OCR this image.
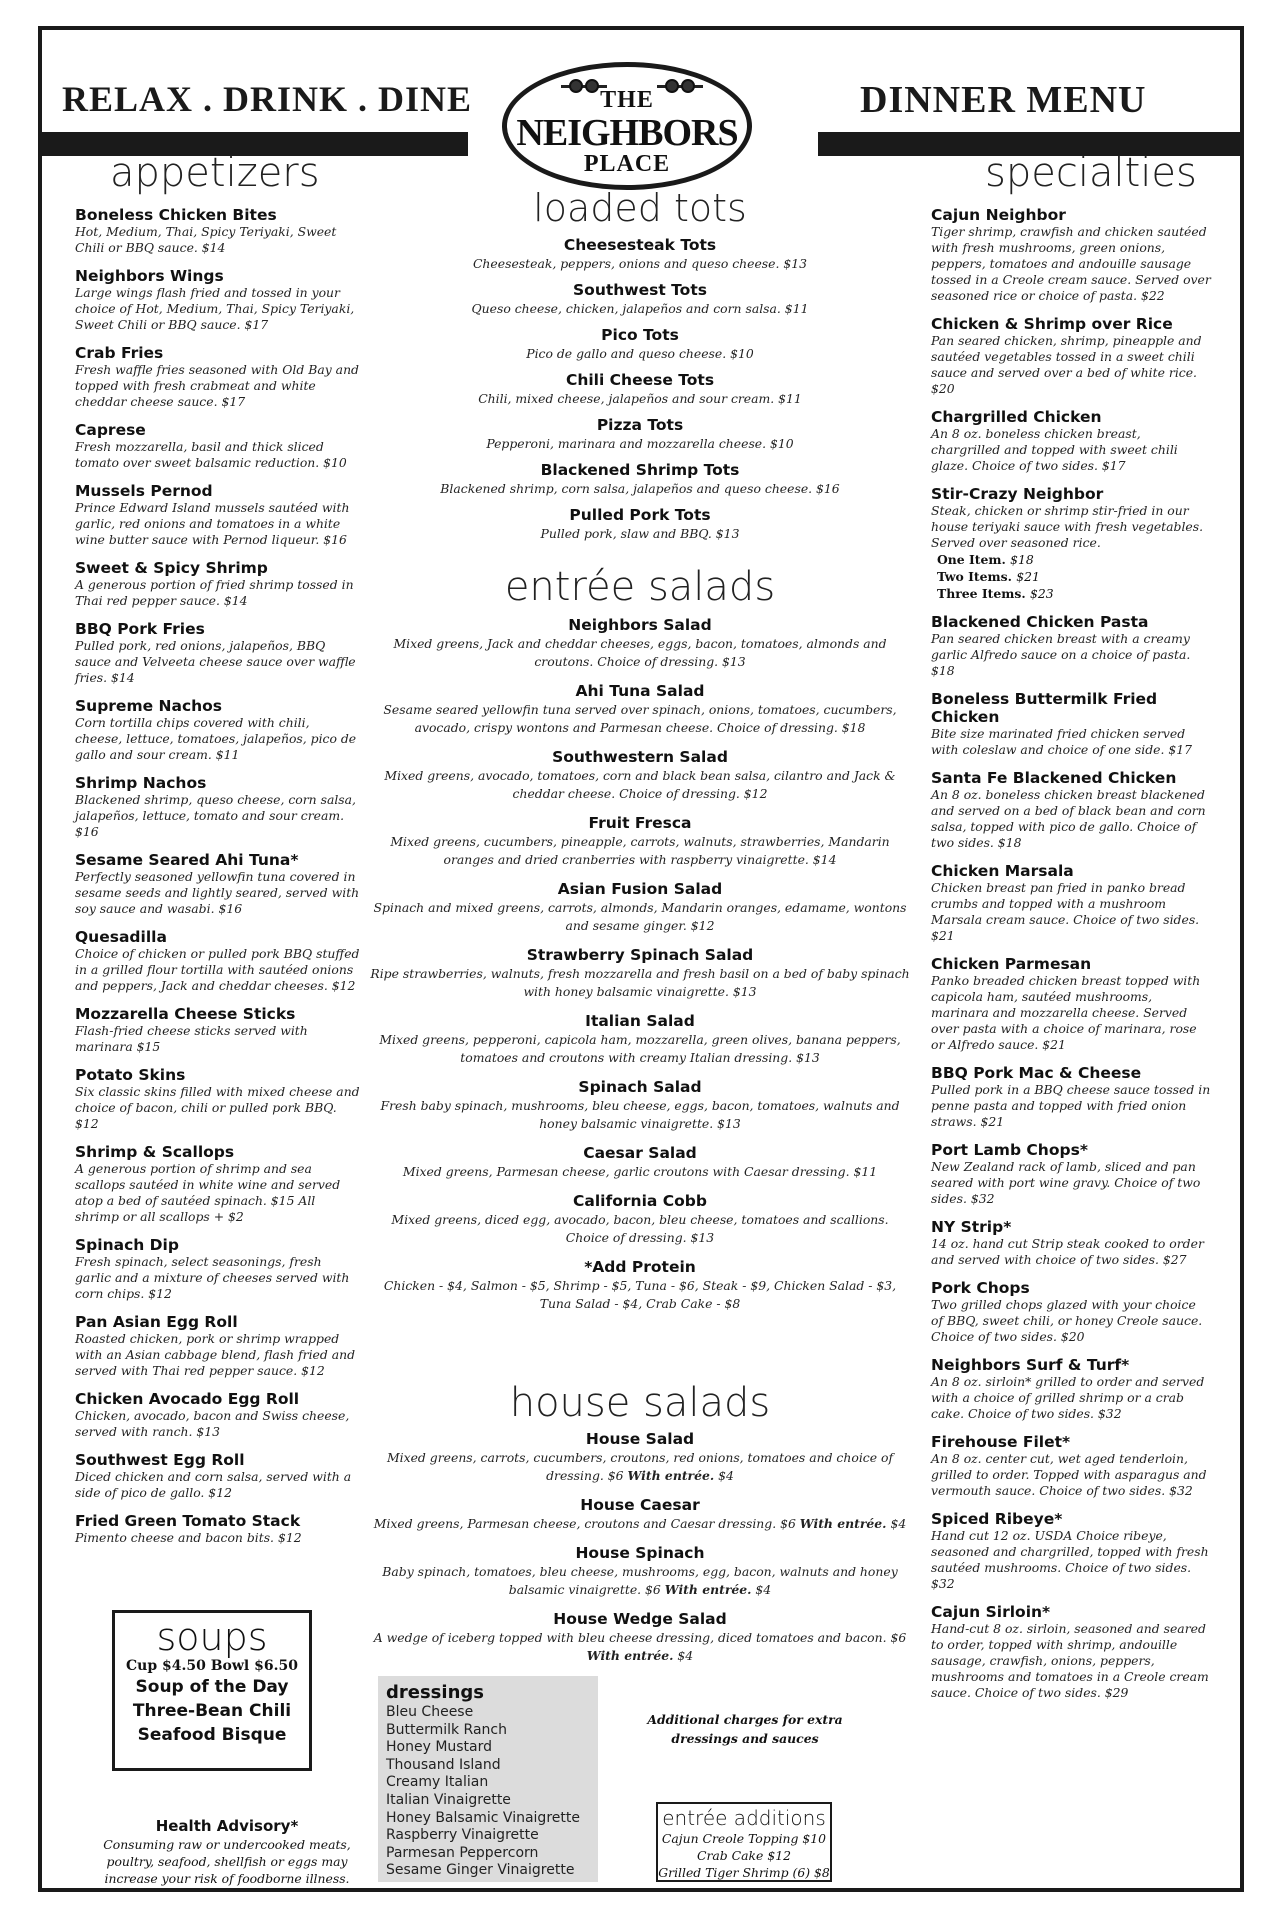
RELAX . DRINK . DINE	DINNER MENU
THE
NEIGHBORS
PLACE
appetizers
Boneless Chicken Bites

Hot, Medium, Thai, Spicy Teriyaki, Sweet Chili or BBQ sauce. $14

Neighbors Wings

Large wings flash fried and tossed in your choice of Hot, Medium, Thai, Spicy Teriyaki, Sweet Chili or BBQ sauce. $17

Crab Fries

Fresh waffle fries seasoned with Old Bay and topped with fresh crabmeat and white cheddar cheese sauce. $17

Caprese

Fresh mozzarella, basil and thick sliced tomato over sweet balsamic reduction. $10

Mussels Pernod

Prince Edward Island mussels sautéed with garlic, red onions and tomatoes in a white wine butter sauce with Pernod liqueur. $16

Sweet & Spicy Shrimp

A generous portion of fried shrimp tossed in Thai red pepper sauce. $14

BBQ Pork Fries

Pulled pork, red onions, jalapeños, BBQ sauce and Velveeta cheese sauce over waffle fries. $14

Supreme Nachos

Corn tortilla chips covered with chili, cheese, lettuce, tomatoes, jalapeños, pico de gallo and sour cream. $11

Shrimp Nachos

Blackened shrimp, queso cheese, corn salsa, jalapeños, lettuce, tomato and sour cream. $16

Sesame Seared Ahi Tuna*

Perfectly seasoned yellowfin tuna covered in sesame seeds and lightly seared, served with soy sauce and wasabi. $16

Quesadilla

Choice of chicken or pulled pork BBQ stuffed in a grilled flour tortilla with sautéed onions and peppers, Jack and cheddar cheeses. $12

Mozzarella Cheese Sticks

Flash-fried cheese sticks served with marinara $15

Potato Skins

Six classic skins filled with mixed cheese and choice of bacon, chili or pulled pork BBQ. $12

Shrimp & Scallops

A generous portion of shrimp and sea scallops sautéed in white wine and served atop a bed of sautéed spinach. $15 All shrimp or all scallops + $2

Spinach Dip

Fresh spinach, select seasonings, fresh garlic and a mixture of cheeses served with corn chips. $12

Pan Asian Egg Roll

Roasted chicken, pork or shrimp wrapped with an Asian cabbage blend, flash fried and served with Thai red pepper sauce. $12

Chicken Avocado Egg Roll

Chicken, avocado, bacon and Swiss cheese, served with ranch. $13

Southwest Egg Roll

Diced chicken and corn salsa, served with a side of pico de gallo. $12

Fried Green Tomato Stack

Pimento cheese and bacon bits. $12

soups
Cup $4.50 Bowl $6.50
Soup of the Day
Three-Bean Chili
Seafood Bisque
Health Advisory*

Consuming raw or undercooked meats, poultry, seafood, shellfish or eggs may increase your risk of foodborne illness.

loaded tots
Cheesesteak Tots

Cheesesteak, peppers, onions and queso cheese. $13

Southwest Tots

Queso cheese, chicken, jalapeños and corn salsa. $11

Pico Tots

Pico de gallo and queso cheese. $10

Chili Cheese Tots

Chili, mixed cheese, jalapeños and sour cream. $11

Pizza Tots

Pepperoni, marinara and mozzarella cheese. $10

Blackened Shrimp Tots

Blackened shrimp, corn salsa, jalapeños and queso cheese. $16

Pulled Pork Tots

Pulled pork, slaw and BBQ. $13

entrée salads
Neighbors Salad

Mixed greens, Jack and cheddar cheeses, eggs, bacon, tomatoes, almonds and croutons. Choice of dressing. $13

Ahi Tuna Salad

Sesame seared yellowfin tuna served over spinach, onions, tomatoes, cucumbers, avocado, crispy wontons and Parmesan cheese. Choice of dressing. $18

Southwestern Salad

Mixed greens, avocado, tomatoes, corn and black bean salsa, cilantro and Jack & cheddar cheese. Choice of dressing. $12

Fruit Fresca

Mixed greens, cucumbers, pineapple, carrots, walnuts, strawberries, Mandarin oranges and dried cranberries with raspberry vinaigrette. $14

Asian Fusion Salad

Spinach and mixed greens, carrots, almonds, Mandarin oranges, edamame, wontons and sesame ginger. $12

Strawberry Spinach Salad

Ripe strawberries, walnuts, fresh mozzarella and fresh basil on a bed of baby spinach with honey balsamic vinaigrette. $13

Italian Salad

Mixed greens, pepperoni, capicola ham, mozzarella, green olives, banana peppers, tomatoes and croutons with creamy Italian dressing. $13

Spinach Salad

Fresh baby spinach, mushrooms, bleu cheese, eggs, bacon, tomatoes, walnuts and honey balsamic vinaigrette. $13

Caesar Salad

Mixed greens, Parmesan cheese, garlic croutons with Caesar dressing. $11

California Cobb

Mixed greens, diced egg, avocado, bacon, bleu cheese, tomatoes and scallions. Choice of dressing. $13

*Add Protein

Chicken - $4, Salmon - $5, Shrimp - $5, Tuna - $6, Steak - $9, Chicken Salad - $3, Tuna Salad - $4, Crab Cake - $8

house salads
House Salad

Mixed greens, carrots, cucumbers, croutons, red onions, tomatoes and choice of dressing. $6 With entrée. $4

House Caesar

Mixed greens, Parmesan cheese, croutons and Caesar dressing. $6 With entrée. $4

House Spinach

Baby spinach, tomatoes, bleu cheese, mushrooms, egg, bacon, walnuts and honey balsamic vinaigrette. $6 With entrée. $4

House Wedge Salad

A wedge of iceberg topped with bleu cheese dressing, diced tomatoes and bacon. $6 With entrée. $4

dressings
Bleu Cheese
Buttermilk Ranch
Honey Mustard
Thousand Island
Creamy Italian
Italian Vinaigrette
Honey Balsamic Vinaigrette
Raspberry Vinaigrette
Parmesan Peppercorn
Sesame Ginger Vinaigrette
Additional charges for extra dressings and sauces
entrée additions

Cajun Creole Topping $10

Crab Cake $12

Grilled Tiger Shrimp (6) $8

specialties
Cajun Neighbor

Tiger shrimp, crawfish and chicken sautéed with fresh mushrooms, green onions, peppers, tomatoes and andouille sausage tossed in a Creole cream sauce. Served over seasoned rice or choice of pasta. $22

Chicken & Shrimp over Rice

Pan seared chicken, shrimp, pineapple and sautéed vegetables tossed in a sweet chili sauce and served over a bed of white rice. $20

Chargrilled Chicken

An 8 oz. boneless chicken breast, chargrilled and topped with sweet chili glaze. Choice of two sides. $17

Stir-Crazy Neighbor

Steak, chicken or shrimp stir-fried in our house teriyaki sauce with fresh vegetables. Served over seasoned rice.

One Item. $18
Two Items. $21
Three Items. $23
Blackened Chicken Pasta

Pan seared chicken breast with a creamy garlic Alfredo sauce on a choice of pasta. $18

Boneless Buttermilk Fried Chicken

Bite size marinated fried chicken served with coleslaw and choice of one side. $17

Santa Fe Blackened Chicken

An 8 oz. boneless chicken breast blackened and served on a bed of black bean and corn salsa, topped with pico de gallo. Choice of two sides. $18

Chicken Marsala

Chicken breast pan fried in panko bread crumbs and topped with a mushroom Marsala cream sauce. Choice of two sides. $21

Chicken Parmesan

Panko breaded chicken breast topped with capicola ham, sautéed mushrooms, marinara and mozzarella cheese. Served over pasta with a choice of marinara, rose or Alfredo sauce. $21

BBQ Pork Mac & Cheese

Pulled pork in a BBQ cheese sauce tossed in penne pasta and topped with fried onion straws. $21

Port Lamb Chops*

New Zealand rack of lamb, sliced and pan seared with port wine gravy. Choice of two sides. $32

NY Strip*

14 oz. hand cut Strip steak cooked to order and served with choice of two sides. $27

Pork Chops

Two grilled chops glazed with your choice of BBQ, sweet chili, or honey Creole sauce. Choice of two sides. $20

Neighbors Surf & Turf*

An 8 oz. sirloin* grilled to order and served with a choice of grilled shrimp or a crab cake. Choice of two sides. $32

Firehouse Filet*

An 8 oz. center cut, wet aged tenderloin, grilled to order. Topped with asparagus and vermouth sauce. Choice of two sides. $32

Spiced Ribeye*

Hand cut 12 oz. USDA Choice ribeye, seasoned and chargrilled, topped with fresh sautéed mushrooms. Choice of two sides. $32

Cajun Sirloin*

Hand-cut 8 oz. sirloin, seasoned and seared to order, topped with shrimp, andouille sausage, crawfish, onions, peppers, mushrooms and tomatoes in a Creole cream sauce. Choice of two sides. $29
